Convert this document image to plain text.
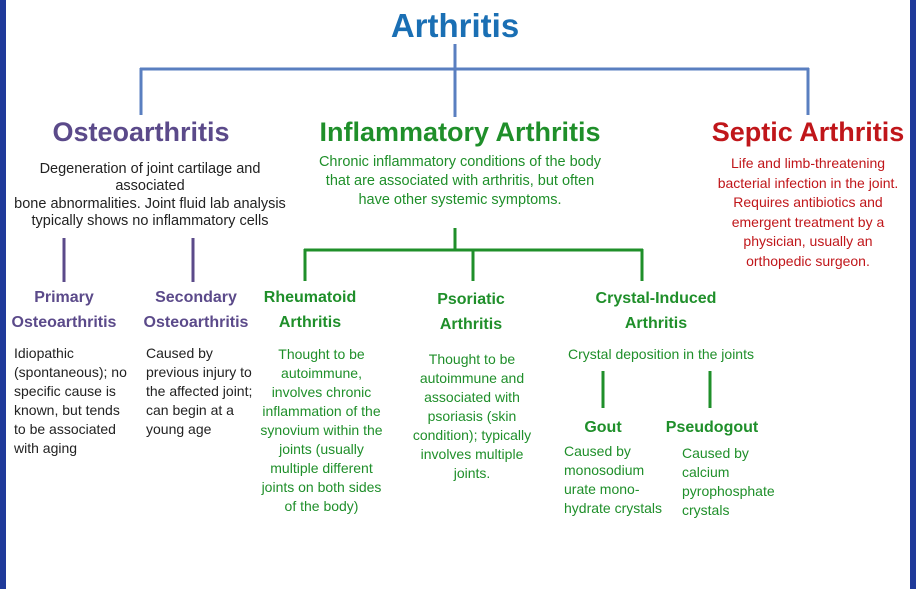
Arthritis
Osteoarthritis
Degeneration of joint cartilage and associated
bone abnormalities. Joint fluid lab analysis
typically shows no inflammatory cells
Primary
Osteoarthritis
Idiopathic
(spontaneous); no
specific cause is
known, but tends
to be associated
with aging
Secondary
Osteoarthritis
Caused by
previous injury to
the affected joint;
can begin at a
young age
Inflammatory Arthritis
Chronic inflammatory conditions of the body
that are associated with arthritis, but often
have other systemic symptoms.
Rheumatoid
Arthritis
Thought to be
autoimmune,
involves chronic
inflammation of the
synovium within the
joints (usually
multiple different
joints on both sides
of the body)
Psoriatic
Arthritis
Thought to be
autoimmune and
associated with
psoriasis (skin
condition); typically
involves multiple
joints.
Crystal-Induced
Arthritis
Crystal deposition in the joints
Gout
Caused by
monosodium
urate mono-
hydrate crystals
Pseudogout
Caused by
calcium
pyrophosphate
crystals
Septic Arthritis
Life and limb-threatening
bacterial infection in the joint.
Requires antibiotics and
emergent treatment by a
physician, usually an
orthopedic surgeon.
